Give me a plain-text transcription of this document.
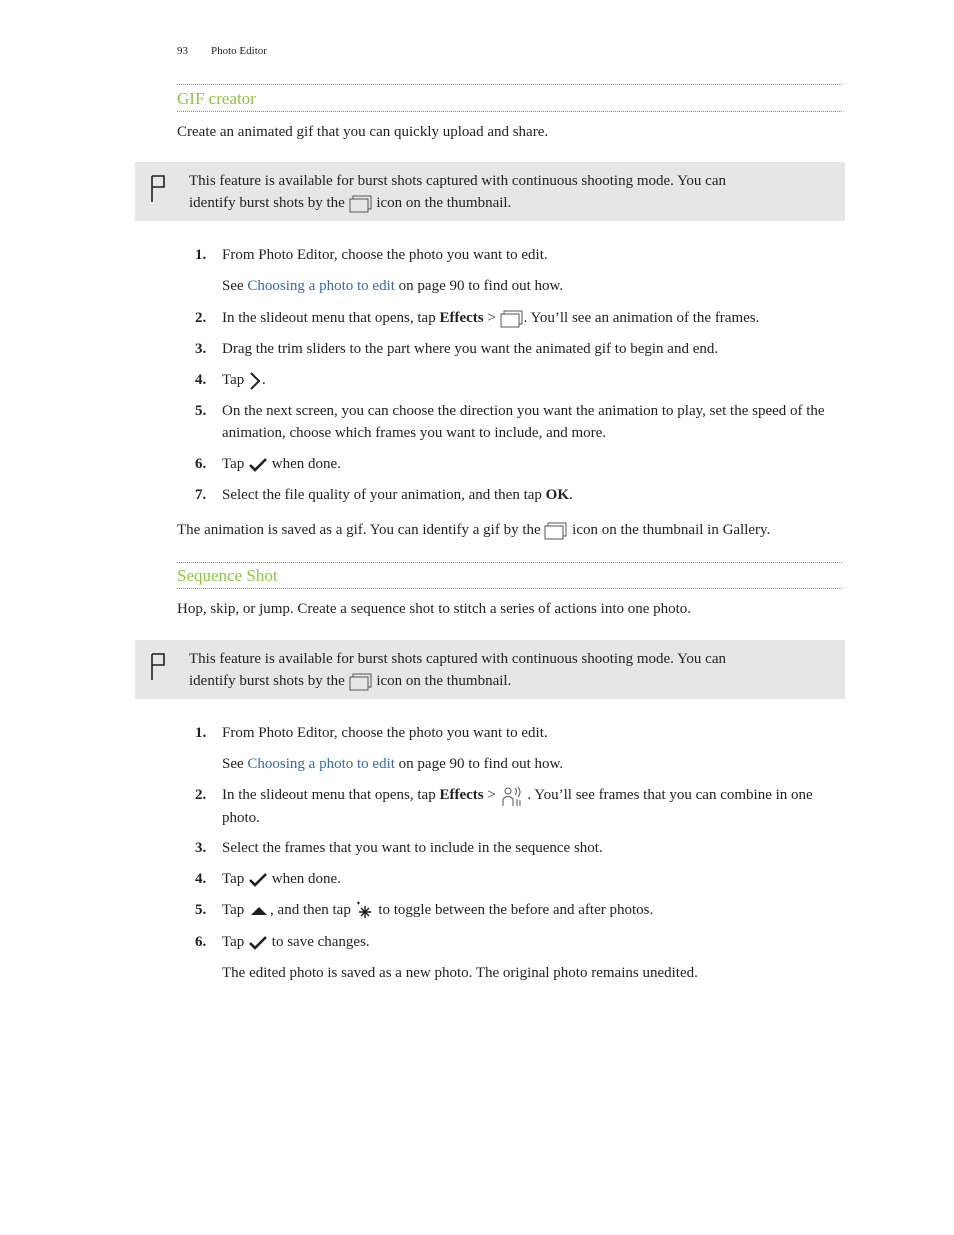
93 Photo Editor
GIF creator
Create an animated gif that you can quickly upload and share.
This feature is available for burst shots captured with continuous shooting mode. You can
identify burst shots by the icon on the thumbnail.
1. From Photo Editor, choose the photo you want to edit.
See Choosing a photo to edit on page 90 to find out how.
2. In the slideout menu that opens, tap Effects > . You’ll see an animation of the frames.
3. Drag the trim sliders to the part where you want the animated gif to begin and end.
4. Tap .
5. On the next screen, you can choose the direction you want the animation to play, set the speed of the animation, choose which frames you want to include, and more.
6. Tap when done.
7. Select the file quality of your animation, and then tap OK.
The animation is saved as a gif. You can identify a gif by the icon on the thumbnail in Gallery.
Sequence Shot
Hop, skip, or jump. Create a sequence shot to stitch a series of actions into one photo.
This feature is available for burst shots captured with continuous shooting mode. You can
identify burst shots by the icon on the thumbnail.
1. From Photo Editor, choose the photo you want to edit.
See Choosing a photo to edit on page 90 to find out how.
2. In the slideout menu that opens, tap Effects > . You’ll see frames that you can combine in one photo.
3. Select the frames that you want to include in the sequence shot.
4. Tap when done.
5. Tap , and then tap to toggle between the before and after photos.
6. Tap to save changes.
The edited photo is saved as a new photo. The original photo remains unedited.
